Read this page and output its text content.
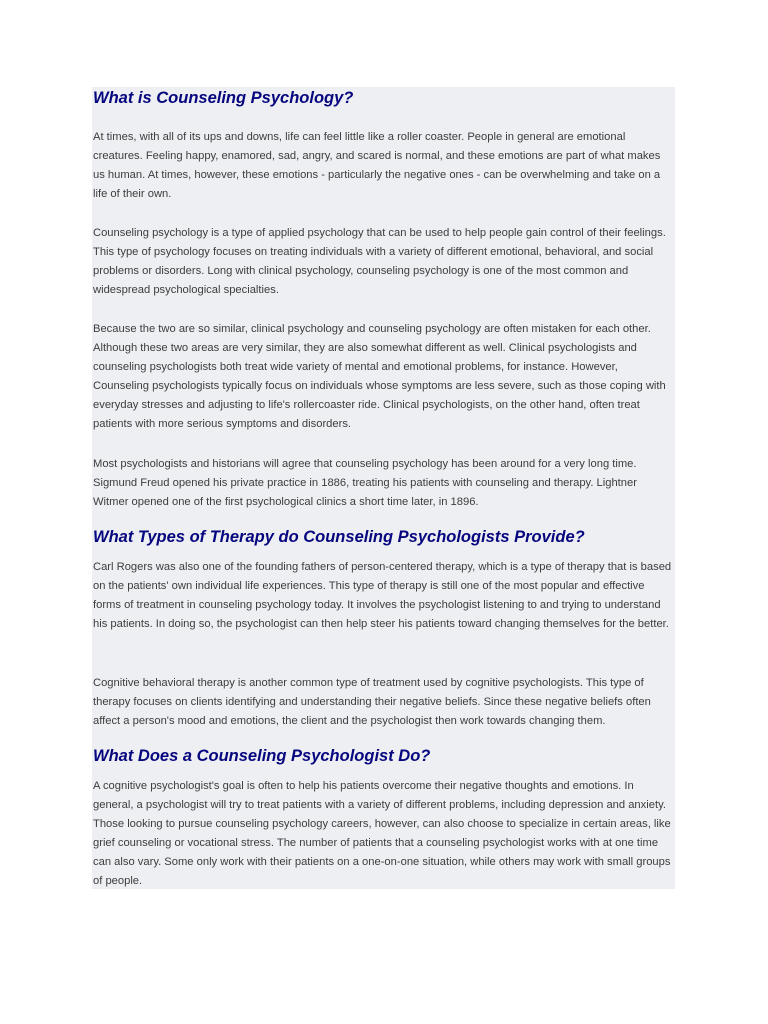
What is Counseling Psychology?

At times, with all of its ups and downs, life can feel little like a roller coaster. People in general are emotional creatures. Feeling happy, enamored, sad, angry, and scared is normal, and these emotions are part of what makes us human. At times, however, these emotions - particularly the negative ones - can be overwhelming and take on a life of their own.

Counseling psychology is a type of applied psychology that can be used to help people gain control of their feelings. This type of psychology focuses on treating individuals with a variety of different emotional, behavioral, and social problems or disorders. Long with clinical psychology, counseling psychology is one of the most common and widespread psychological specialties.

Because the two are so similar, clinical psychology and counseling psychology are often mistaken for each other. Although these two areas are very similar, they are also somewhat different as well. Clinical psychologists and counseling psychologists both treat wide variety of mental and emotional problems, for instance. However, Counseling psychologists typically focus on individuals whose symptoms are less severe, such as those coping with everyday stresses and adjusting to life's rollercoaster ride. Clinical psychologists, on the other hand, often treat patients with more serious symptoms and disorders.

Most psychologists and historians will agree that counseling psychology has been around for a very long time. Sigmund Freud opened his private practice in 1886, treating his patients with counseling and therapy. Lightner Witmer opened one of the first psychological clinics a short time later, in 1896.

What Types of Therapy do Counseling Psychologists Provide?

Carl Rogers was also one of the founding fathers of person-centered therapy, which is a type of therapy that is based on the patients' own individual life experiences. This type of therapy is still one of the most popular and effective forms of treatment in counseling psychology today. It involves the psychologist listening to and trying to understand his patients. In doing so, the psychologist can then help steer his patients toward changing themselves for the better.

Cognitive behavioral therapy is another common type of treatment used by cognitive psychologists. This type of therapy focuses on clients identifying and understanding their negative beliefs. Since these negative beliefs often affect a person's mood and emotions, the client and the psychologist then work towards changing them.

What Does a Counseling Psychologist Do?

A cognitive psychologist's goal is often to help his patients overcome their negative thoughts and emotions. In general, a psychologist will try to treat patients with a variety of different problems, including depression and anxiety. Those looking to pursue counseling psychology careers, however, can also choose to specialize in certain areas, like grief counseling or vocational stress. The number of patients that a counseling psychologist works with at one time can also vary. Some only work with their patients on a one-on-one situation, while others may work with small groups of people.
